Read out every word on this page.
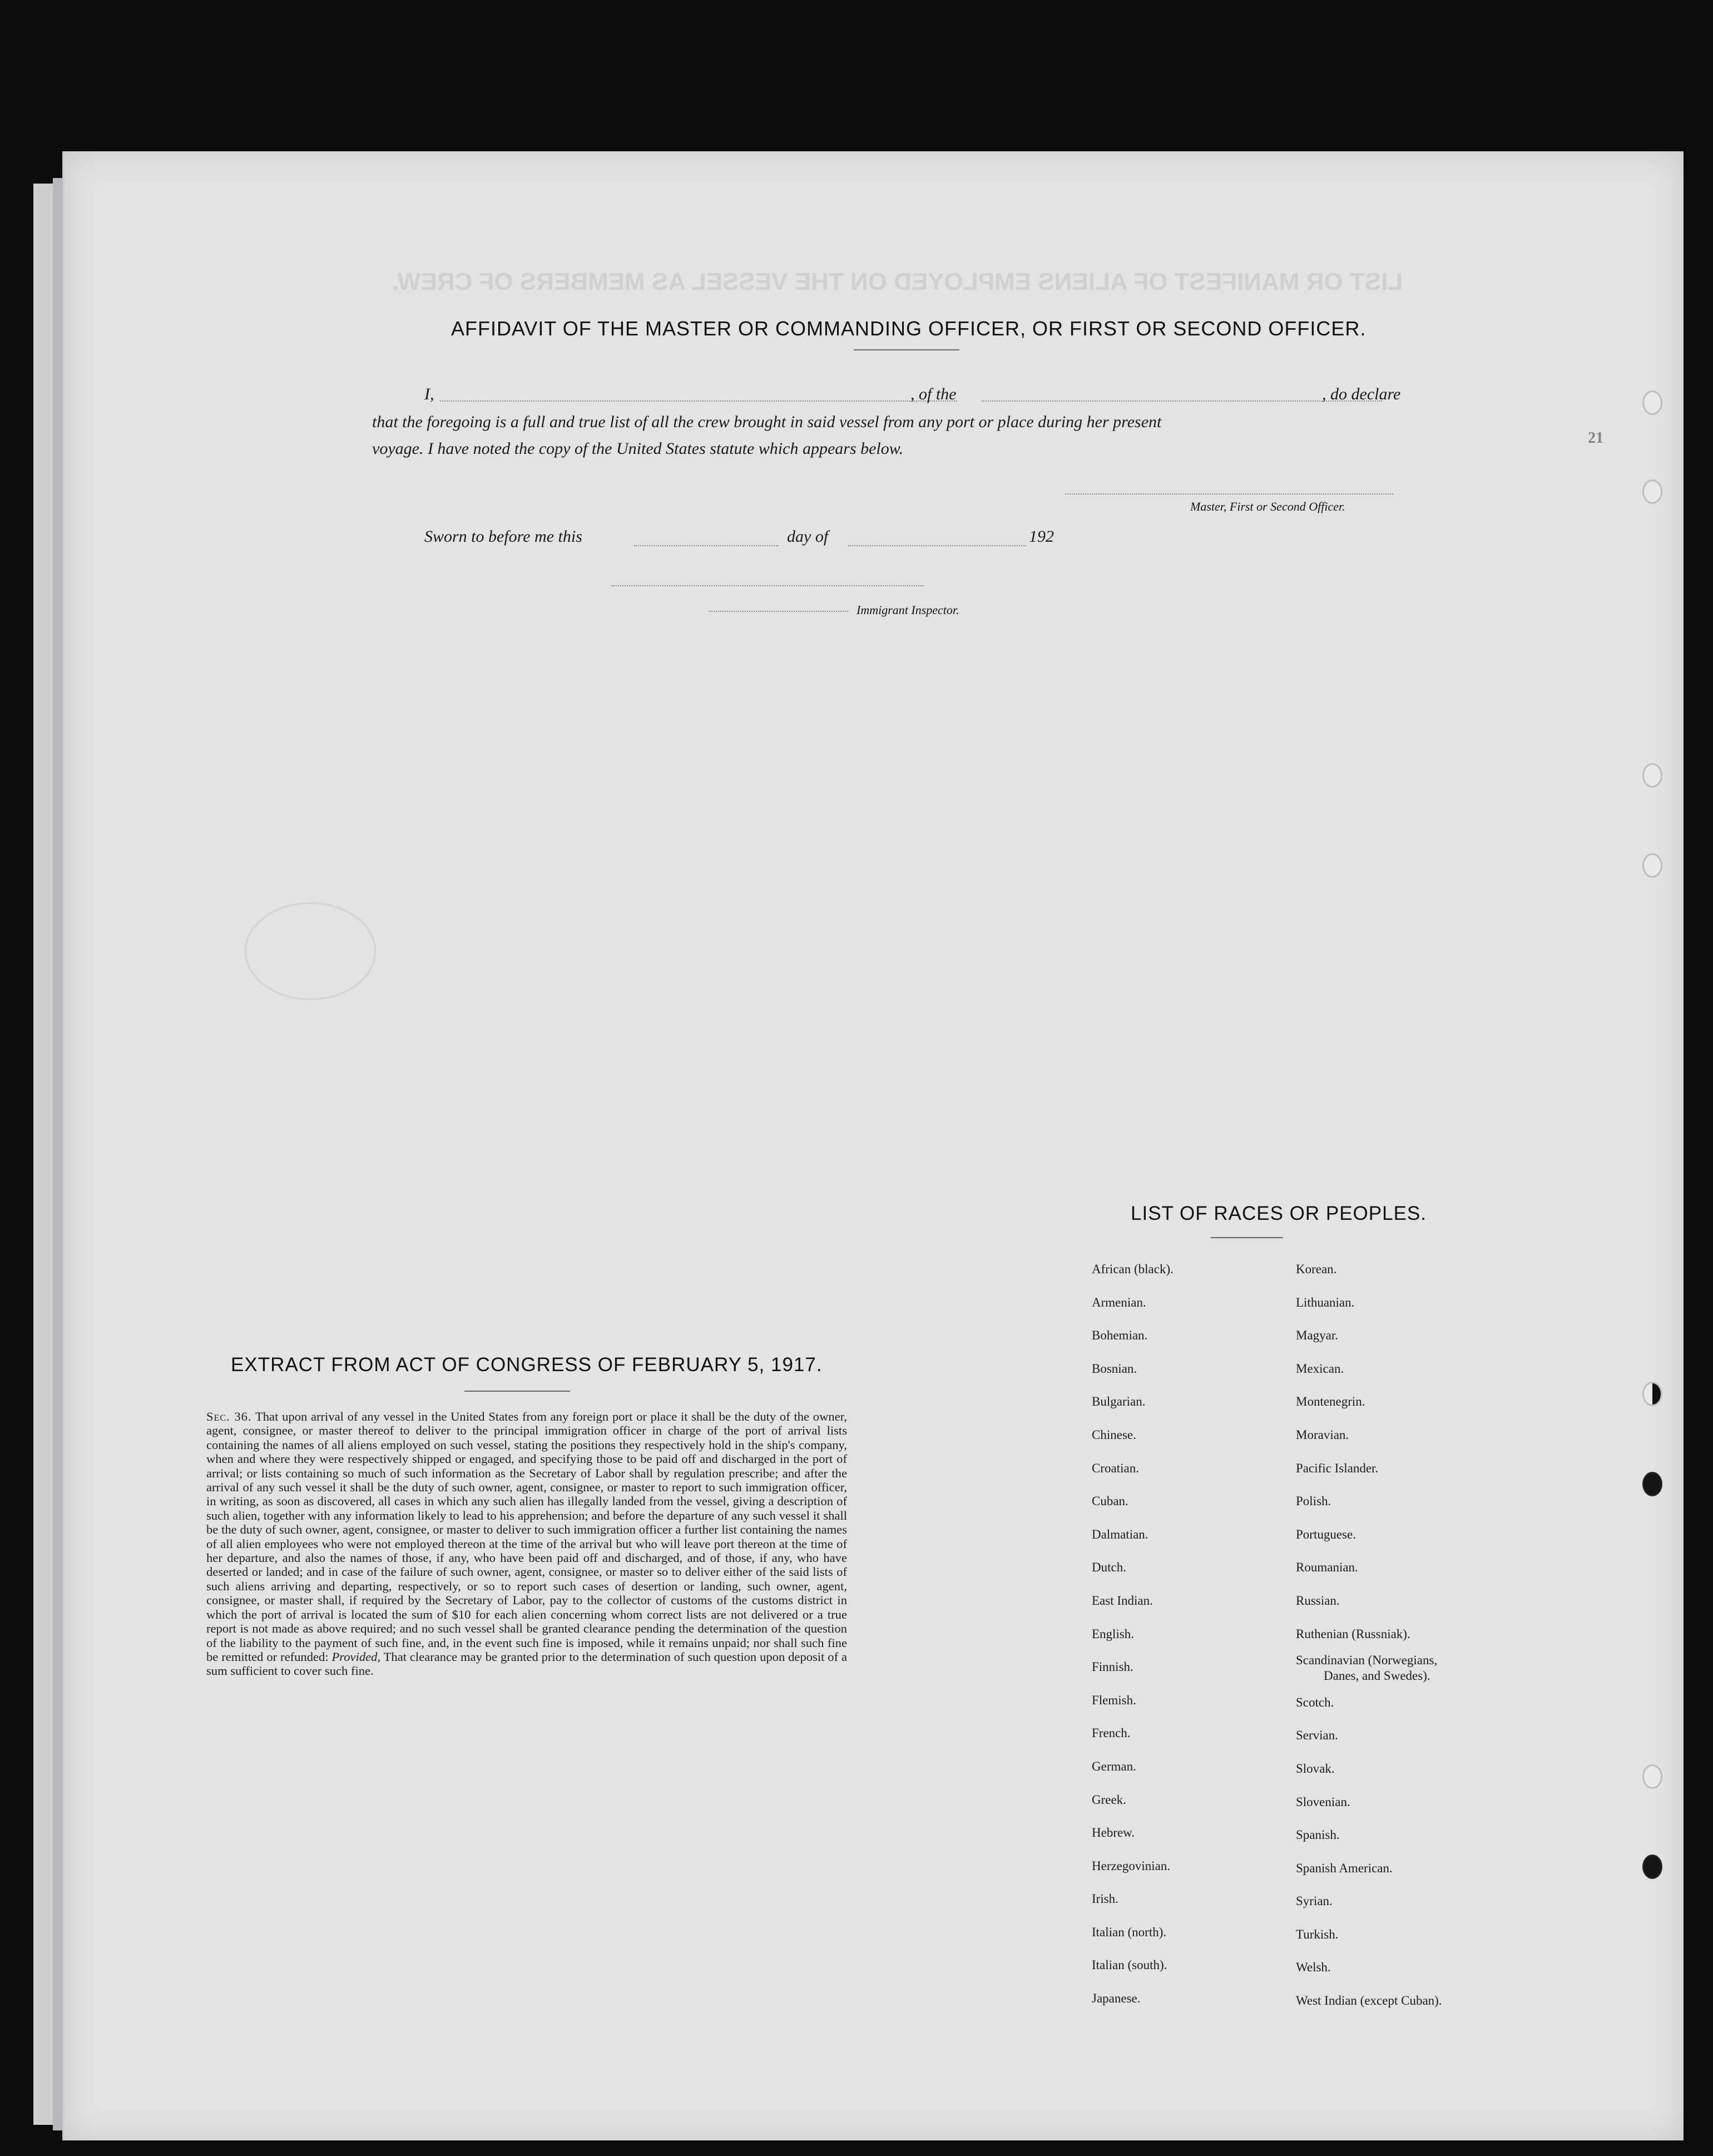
LIST OR MANIFEST OF ALIENS EMPLOYED ON THE VESSEL AS MEMBERS OF CREW.
21
AFFIDAVIT OF THE MASTER OR COMMANDING OFFICER, OR FIRST OR SECOND OFFICER.
I,	, of the	, do declare
that the foregoing is a full and true list of all the crew brought in said vessel from any port or place during her present
voyage. I have noted the copy of the United States statute which appears below.
Master, First or Second Officer.
Sworn to before me this	day of	192
Immigrant Inspector.
EXTRACT FROM ACT OF CONGRESS OF FEBRUARY 5, 1917.
Sec. 36. That upon arrival of any vessel in the United States from any foreign port or place it shall be the duty of the owner, agent, consignee, or master thereof to deliver to the principal immigration officer in charge of the port of arrival lists containing the names of all aliens employed on such vessel, stating the positions they respectively hold in the ship's company, when and where they were respectively shipped or engaged, and specifying those to be paid off and discharged in the port of arrival; or lists containing so much of such information as the Secretary of Labor shall by regulation prescribe; and after the arrival of any such vessel it shall be the duty of such owner, agent, consignee, or master to report to such immigration officer, in writing, as soon as discovered, all cases in which any such alien has illegally landed from the vessel, giving a description of such alien, together with any information likely to lead to his apprehension; and before the departure of any such vessel it shall be the duty of such owner, agent, consignee, or master to deliver to such immigration officer a further list containing the names of all alien employees who were not employed thereon at the time of the arrival but who will leave port thereon at the time of her departure, and also the names of those, if any, who have been paid off and discharged, and of those, if any, who have deserted or landed; and in case of the failure of such owner, agent, consignee, or master so to deliver either of the said lists of such aliens arriving and departing, respectively, or so to report such cases of desertion or landing, such owner, agent, consignee, or master shall, if required by the Secretary of Labor, pay to the collector of customs of the customs district in which the port of arrival is located the sum of $10 for each alien concerning whom correct lists are not delivered or a true report is not made as above required; and no such vessel shall be granted clearance pending the determination of the question of the liability to the payment of such fine, and, in the event such fine is imposed, while it remains unpaid; nor shall such fine be remitted or refunded: Provided, That clearance may be granted prior to the determination of such question upon deposit of a sum sufficient to cover such fine.
LIST OF RACES OR PEOPLES.
African (black).
Armenian.
Bohemian.
Bosnian.
Bulgarian.
Chinese.
Croatian.
Cuban.
Dalmatian.
Dutch.
East Indian.
English.
Finnish.
Flemish.
French.
German.
Greek.
Hebrew.
Herzegovinian.
Irish.
Italian (north).
Italian (south).
Japanese.
Korean.
Lithuanian.
Magyar.
Mexican.
Montenegrin.
Moravian.
Pacific Islander.
Polish.
Portuguese.
Roumanian.
Russian.
Ruthenian (Russniak).
Scandinavian (Norwegians,
Danes, and Swedes).
Scotch.
Servian.
Slovak.
Slovenian.
Spanish.
Spanish American.
Syrian.
Turkish.
Welsh.
West Indian (except Cuban).
